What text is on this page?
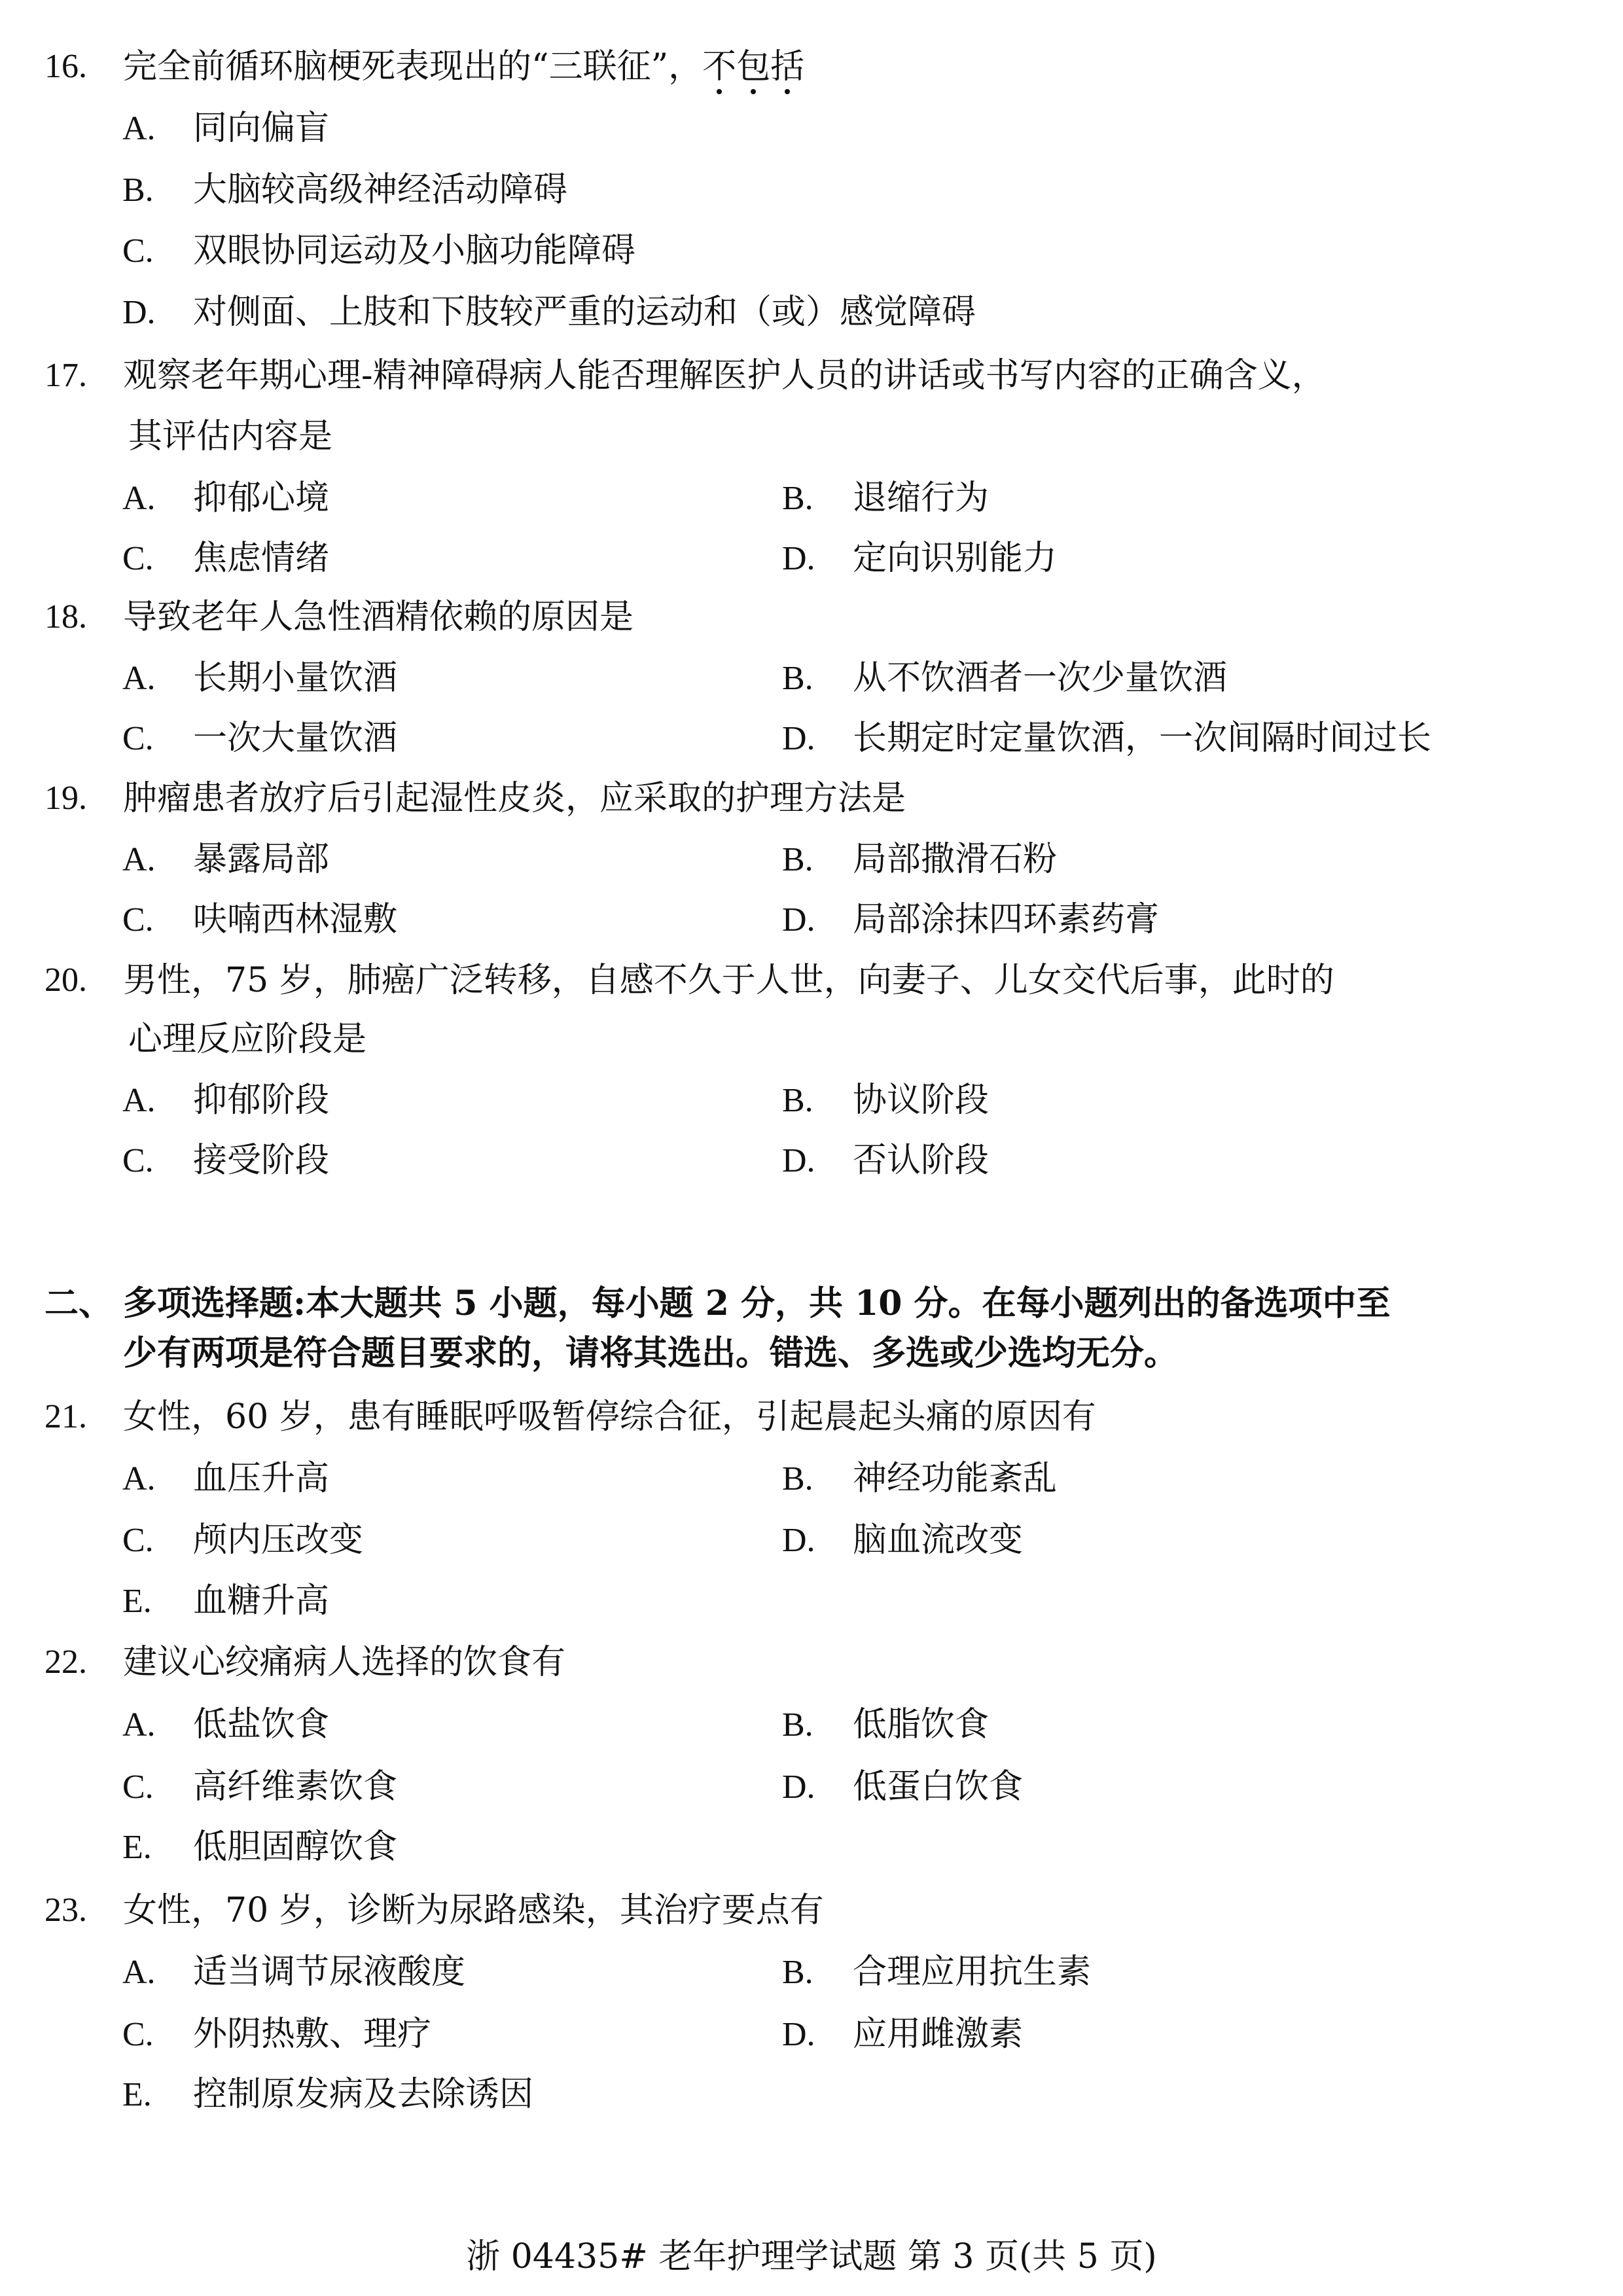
16. 完全前循环脑梗死表现出的“三联征”，不包括
A. 同向偏盲
B. 大脑较高级神经活动障碍
C. 双眼协同运动及小脑功能障碍
D. 对侧面、上肢和下肢较严重的运动和（或）感觉障碍
17. 观察老年期心理-精神障碍病人能否理解医护人员的讲话或书写内容的正确含义，
其评估内容是
A. 抑郁心境	B. 退缩行为
C. 焦虑情绪	D. 定向识别能力
18. 导致老年人急性酒精依赖的原因是
A. 长期小量饮酒	B. 从不饮酒者一次少量饮酒
C. 一次大量饮酒	D. 长期定时定量饮酒，一次间隔时间过长
19. 肿瘤患者放疗后引起湿性皮炎，应采取的护理方法是
A. 暴露局部	B. 局部撒滑石粉
C. 呋喃西林湿敷	D. 局部涂抹四环素药膏
20. 男性，75 岁，肺癌广泛转移，自感不久于人世，向妻子、儿女交代后事，此时的
心理反应阶段是
A. 抑郁阶段	B. 协议阶段
C. 接受阶段	D. 否认阶段
二、 多项选择题:本大题共 5 小题，每小题 2 分，共 10 分。在每小题列出的备选项中至
少有两项是符合题目要求的，请将其选出。错选、多选或少选均无分。
21. 女性，60 岁，患有睡眠呼吸暂停综合征，引起晨起头痛的原因有
A. 血压升高	B. 神经功能紊乱
C. 颅内压改变	D. 脑血流改变
E. 血糖升高
22. 建议心绞痛病人选择的饮食有
A. 低盐饮食	B. 低脂饮食
C. 高纤维素饮食	D. 低蛋白饮食
E. 低胆固醇饮食
23. 女性，70 岁，诊断为尿路感染，其治疗要点有
A. 适当调节尿液酸度	B. 合理应用抗生素
C. 外阴热敷、理疗	D. 应用雌激素
E. 控制原发病及去除诱因
浙 04435# 老年护理学试题 第 3 页(共 5 页)
